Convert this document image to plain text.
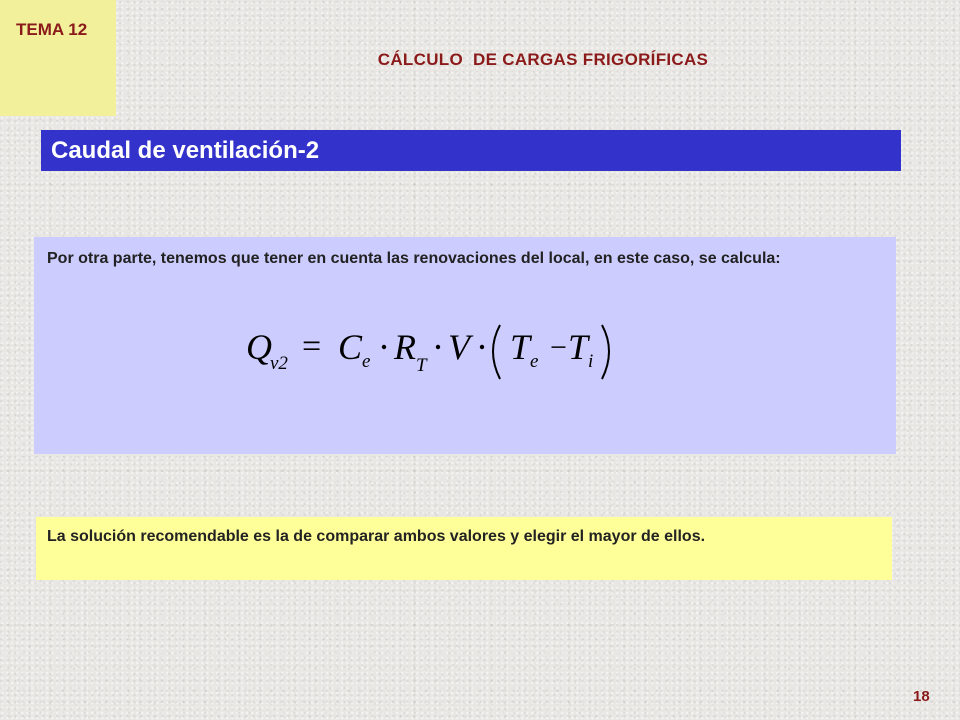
TEMA 12
CÁLCULO  DE CARGAS FRIGORÍFICAS
Caudal de ventilación-2
Por otra parte, tenemos que tener en cuenta las renovaciones del local, en este caso, se calcula:
Q
v2 C e R T V T e T i
=	−
La solución recomendable es la de comparar ambos valores y elegir el mayor de ellos.
18
